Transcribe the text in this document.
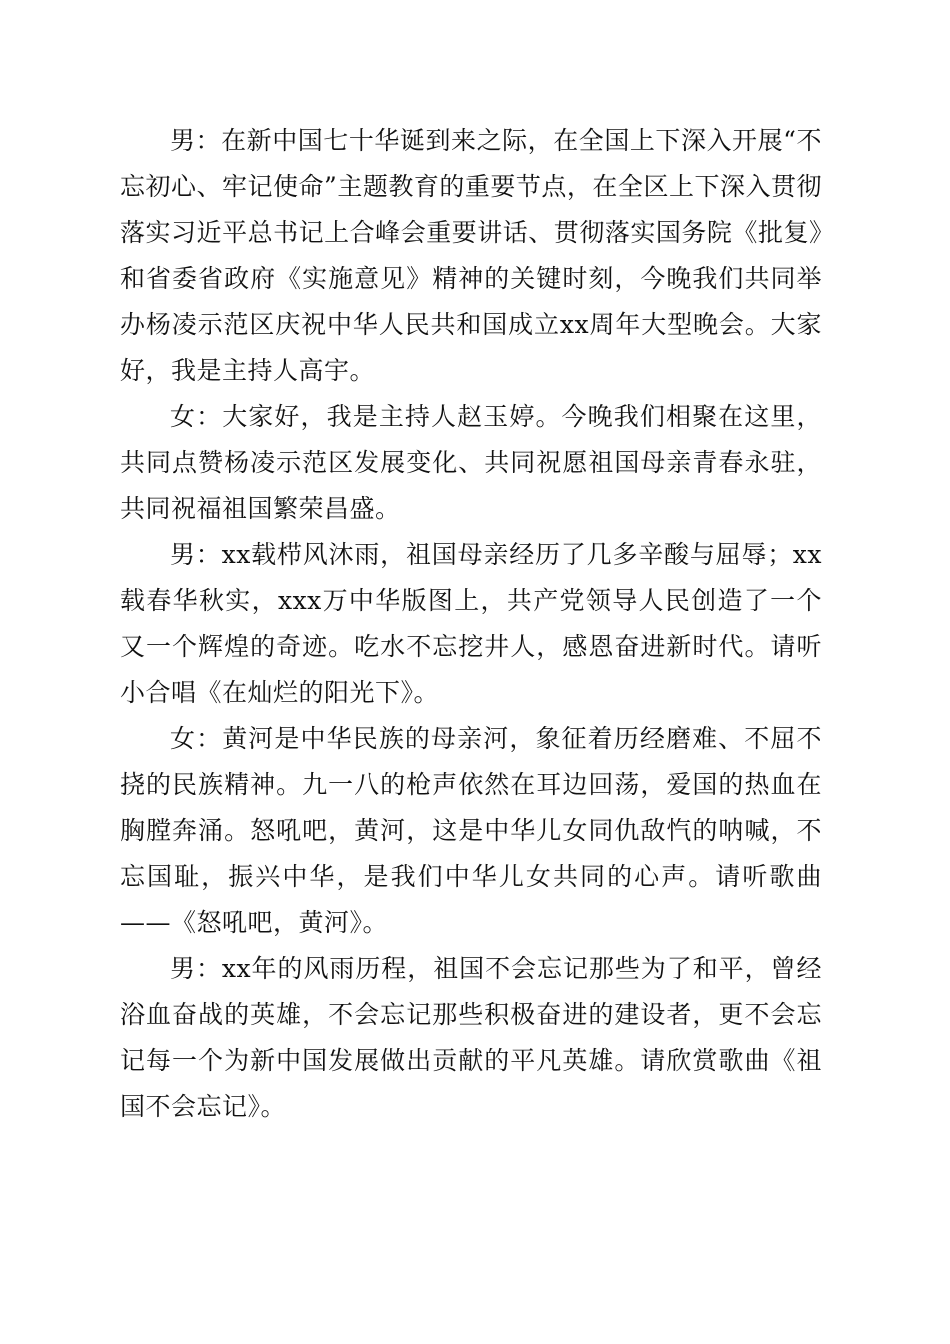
男：在新中国七十华诞到来之际，在全国上下深入开展“不忘初心、牢记使命”主题教育的重要节点，在全区上下深入贯彻落实习近平总书记上合峰会重要讲话、贯彻落实国务院《批复》和省委省政府《实施意见》精神的关键时刻，今晚我们共同举办杨凌示范区庆祝中华人民共和国成立xx周年大型晚会。大家好，我是主持人高宇。

女：大家好，我是主持人赵玉婷。今晚我们相聚在这里，共同点赞杨凌示范区发展变化、共同祝愿祖国母亲青春永驻，共同祝福祖国繁荣昌盛。

男：xx载栉风沐雨，祖国母亲经历了几多辛酸与屈辱；xx载春华秋实，xxx万中华版图上，共产党领导人民创造了一个又一个辉煌的奇迹。吃水不忘挖井人，感恩奋进新时代。请听小合唱《在灿烂的阳光下》。

女：黄河是中华民族的母亲河，象征着历经磨难、不屈不挠的民族精神。九一八的枪声依然在耳边回荡，爱国的热血在胸膛奔涌。怒吼吧，黄河，这是中华儿女同仇敌忾的呐喊，不忘国耻，振兴中华，是我们中华儿女共同的心声。请听歌曲——《怒吼吧，黄河》。

男：xx年的风雨历程，祖国不会忘记那些为了和平，曾经浴血奋战的英雄，不会忘记那些积极奋进的建设者，更不会忘记每一个为新中国发展做出贡献的平凡英雄。请欣赏歌曲《祖国不会忘记》。
